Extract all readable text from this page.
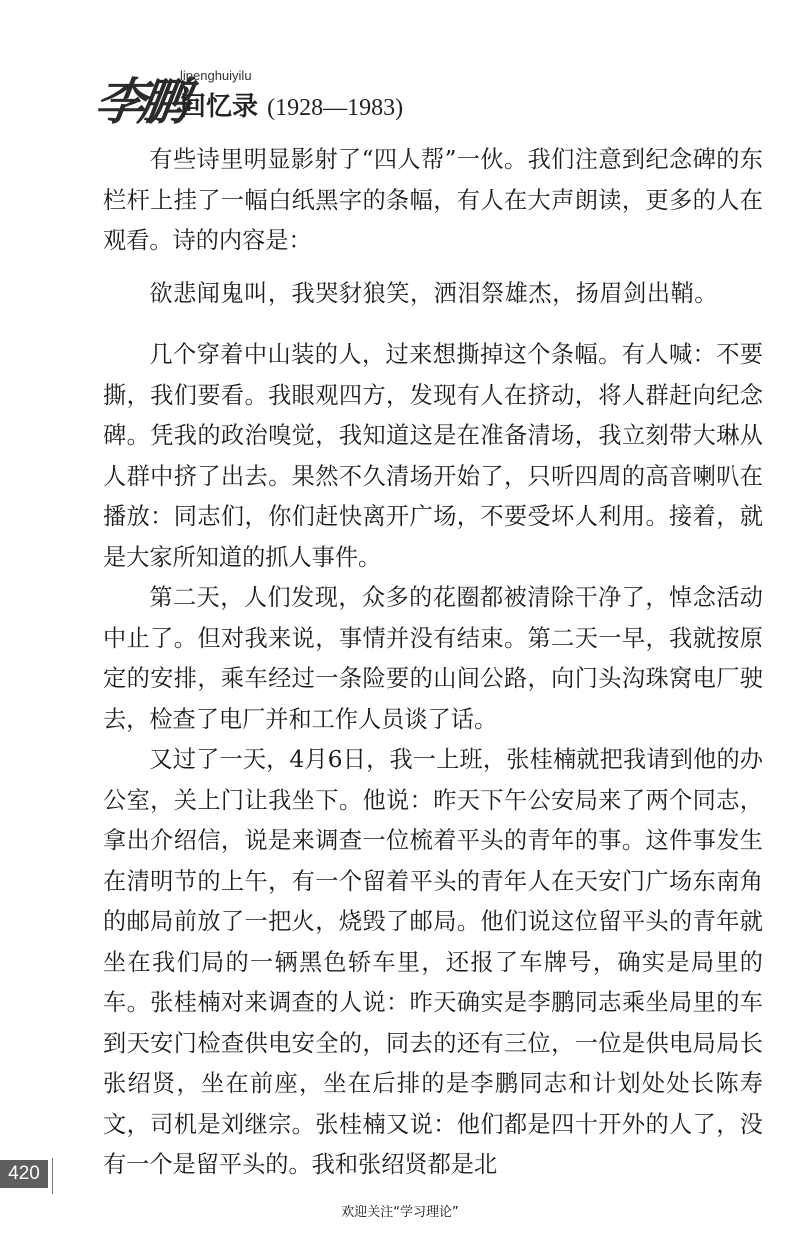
李鹏
lipenghuiyilu
回忆录 (1928—1983)

有些诗里明显影射了“四人帮”一伙。我们注意到纪念碑的东栏杆上挂了一幅白纸黑字的条幅，有人在大声朗读，更多的人在观看。诗的内容是：

欲悲闻鬼叫，我哭豺狼笑，洒泪祭雄杰，扬眉剑出鞘。

几个穿着中山装的人，过来想撕掉这个条幅。有人喊：不要撕，我们要看。我眼观四方，发现有人在挤动，将人群赶向纪念碑。凭我的政治嗅觉，我知道这是在准备清场，我立刻带大琳从人群中挤了出去。果然不久清场开始了，只听四周的高音喇叭在播放：同志们，你们赶快离开广场，不要受坏人利用。接着，就是大家所知道的抓人事件。

第二天，人们发现，众多的花圈都被清除干净了，悼念活动中止了。但对我来说，事情并没有结束。第二天一早，我就按原定的安排，乘车经过一条险要的山间公路，向门头沟珠窝电厂驶去，检查了电厂并和工作人员谈了话。

又过了一天，4月6日，我一上班，张桂楠就把我请到他的办公室，关上门让我坐下。他说：昨天下午公安局来了两个同志，拿出介绍信，说是来调查一位梳着平头的青年的事。这件事发生在清明节的上午，有一个留着平头的青年人在天安门广场东南角的邮局前放了一把火，烧毁了邮局。他们说这位留平头的青年就坐在我们局的一辆黑色轿车里，还报了车牌号，确实是局里的车。张桂楠对来调查的人说：昨天确实是李鹏同志乘坐局里的车到天安门检查供电安全的，同去的还有三位，一位是供电局局长张绍贤，坐在前座，坐在后排的是李鹏同志和计划处处长陈寿文，司机是刘继宗。张桂楠又说：他们都是四十开外的人了，没有一个是留平头的。我和张绍贤都是北

420
欢迎关注“学习理论”
